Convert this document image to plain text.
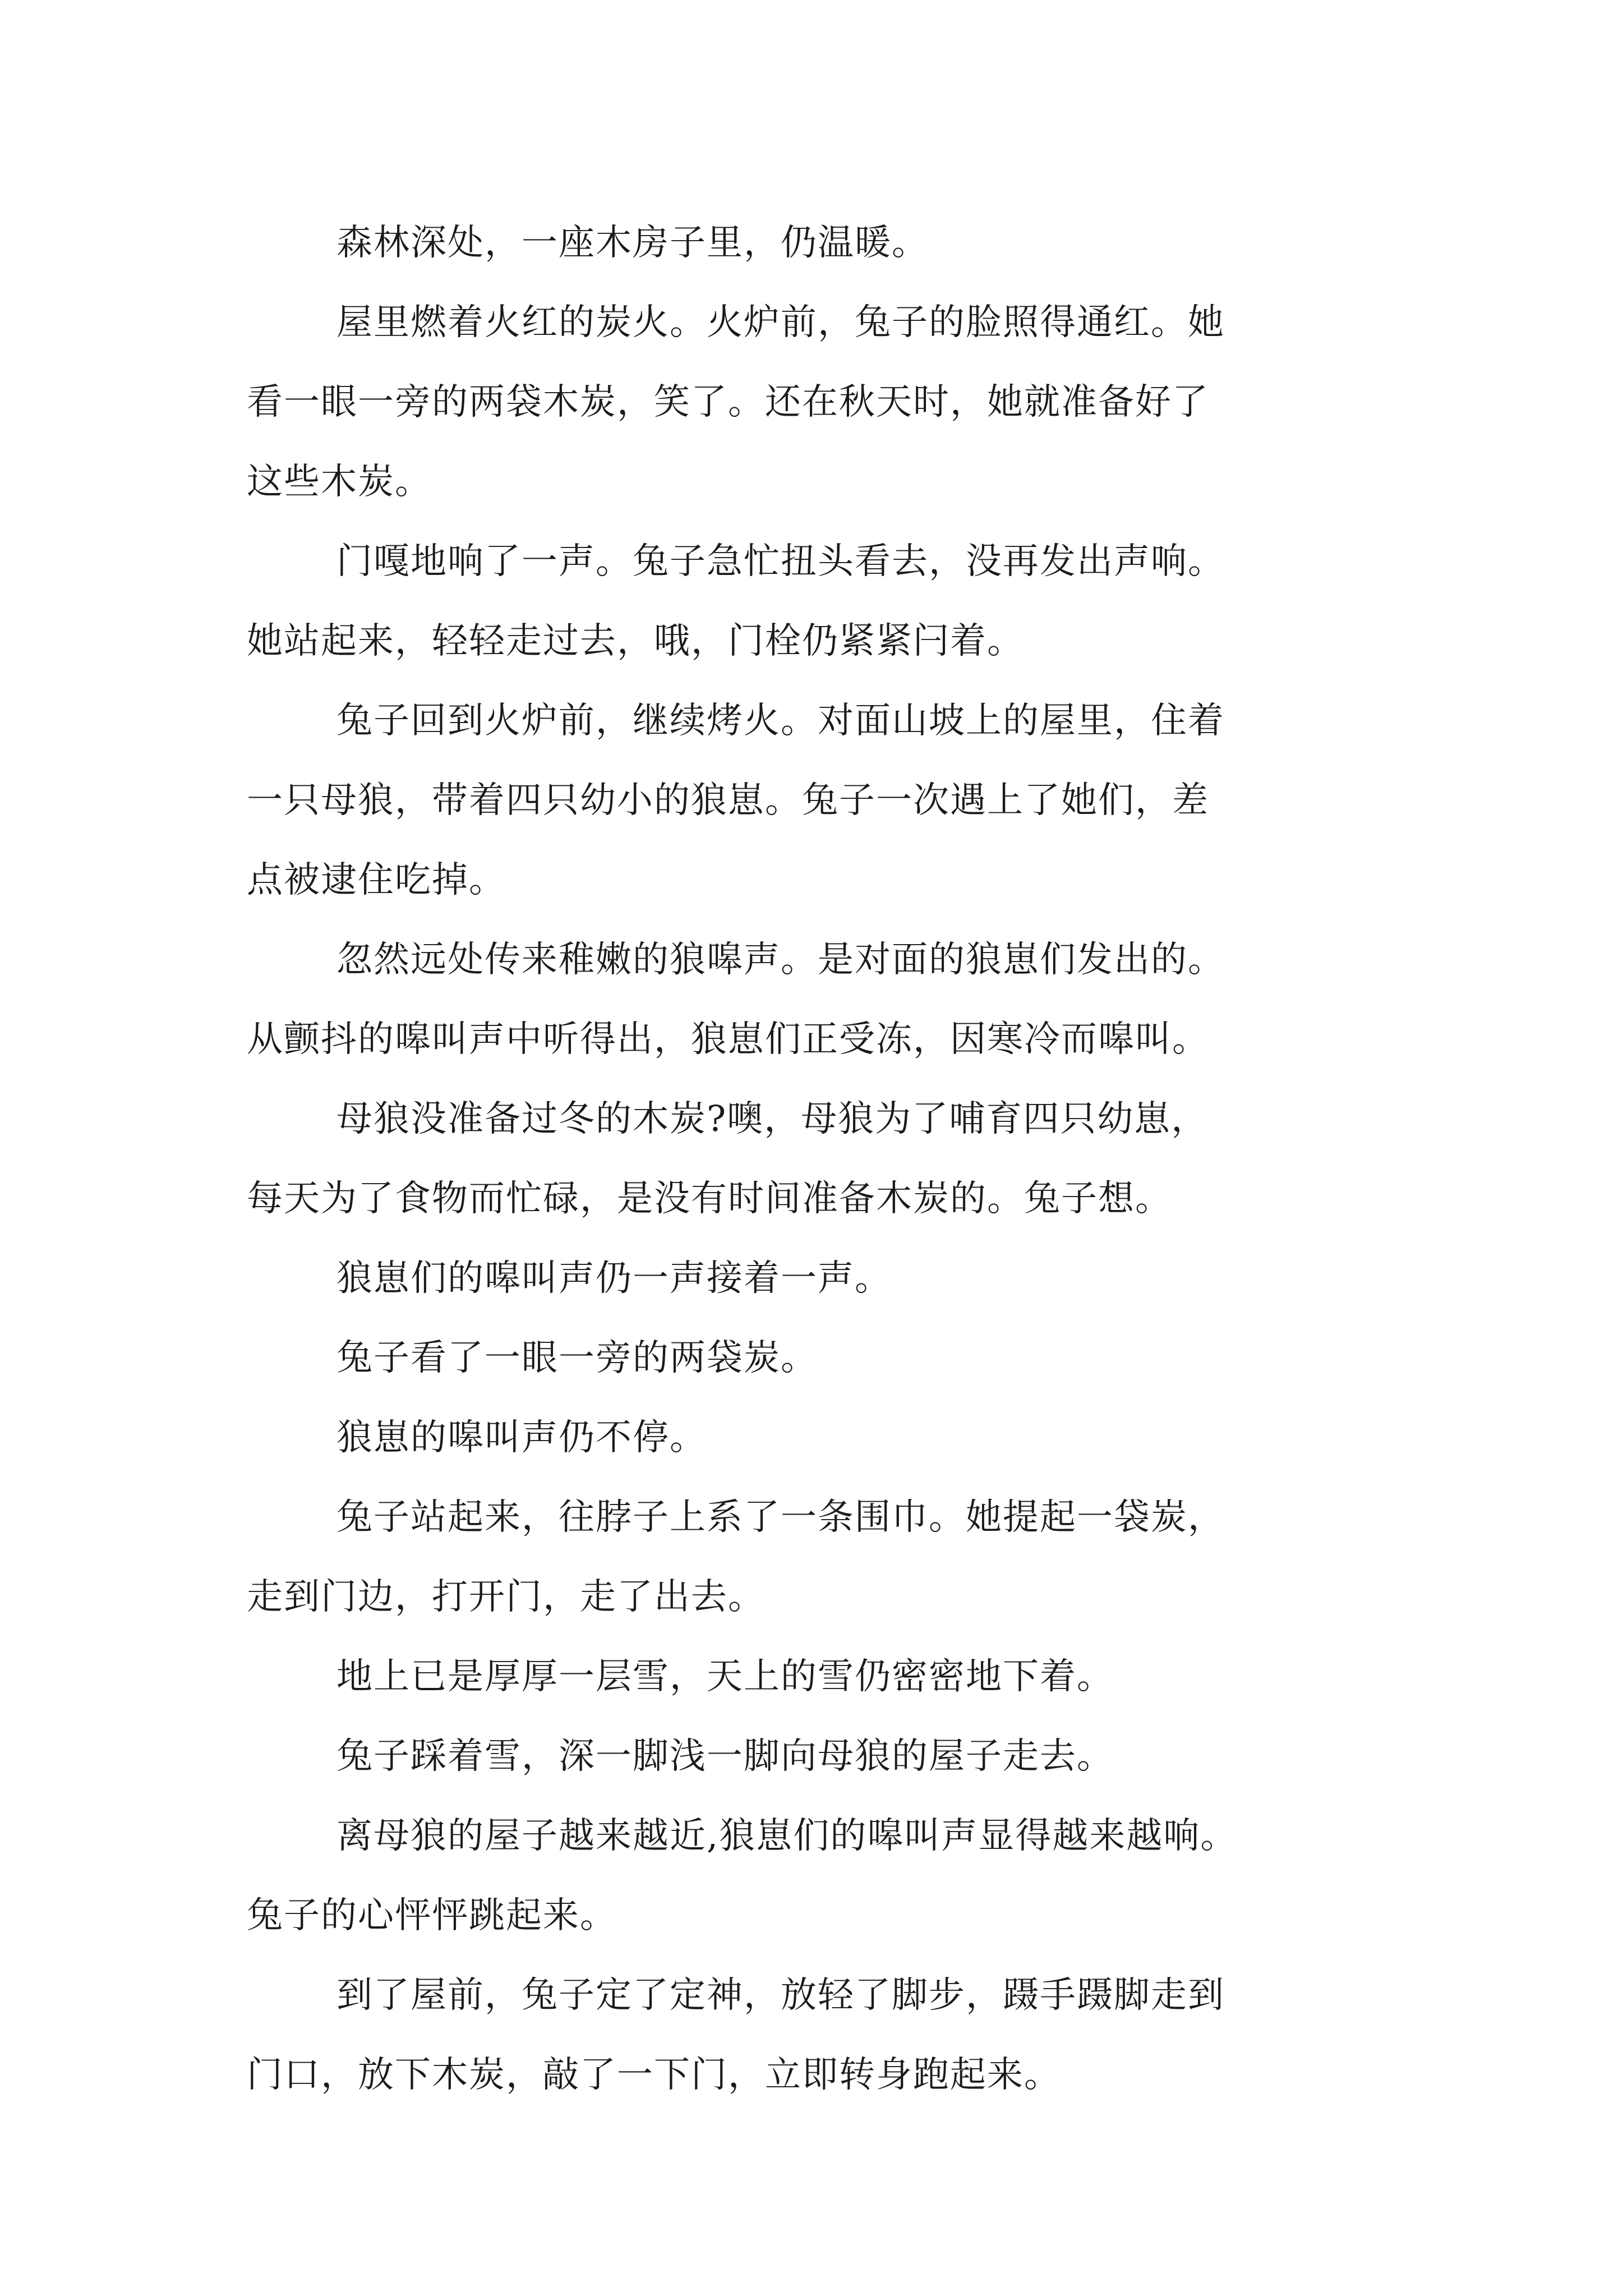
森林深处，一座木房子里，仍温暖。
屋里燃着火红的炭火。火炉前，兔子的脸照得通红。她
看一眼一旁的两袋木炭，笑了。还在秋天时，她就准备好了
这些木炭。
门嘎地响了一声。兔子急忙扭头看去，没再发出声响。
她站起来，轻轻走过去，哦，门栓仍紧紧闩着。
兔子回到火炉前，继续烤火。对面山坡上的屋里，住着
一只母狼，带着四只幼小的狼崽。兔子一次遇上了她们，差
点被逮住吃掉。
忽然远处传来稚嫩的狼嗥声。是对面的狼崽们发出的。
从颤抖的嗥叫声中听得出，狼崽们正受冻，因寒冷而嗥叫。
母狼没准备过冬的木炭?噢，母狼为了哺育四只幼崽，
每天为了食物而忙碌，是没有时间准备木炭的。兔子想。
狼崽们的嗥叫声仍一声接着一声。
兔子看了一眼一旁的两袋炭。
狼崽的嗥叫声仍不停。
兔子站起来，往脖子上系了一条围巾。她提起一袋炭，
走到门边，打开门，走了出去。
地上已是厚厚一层雪，天上的雪仍密密地下着。
兔子踩着雪，深一脚浅一脚向母狼的屋子走去。
离母狼的屋子越来越近,狼崽们的嗥叫声显得越来越响。
兔子的心怦怦跳起来。
到了屋前，兔子定了定神，放轻了脚步，蹑手蹑脚走到
门口，放下木炭，敲了一下门，立即转身跑起来。
